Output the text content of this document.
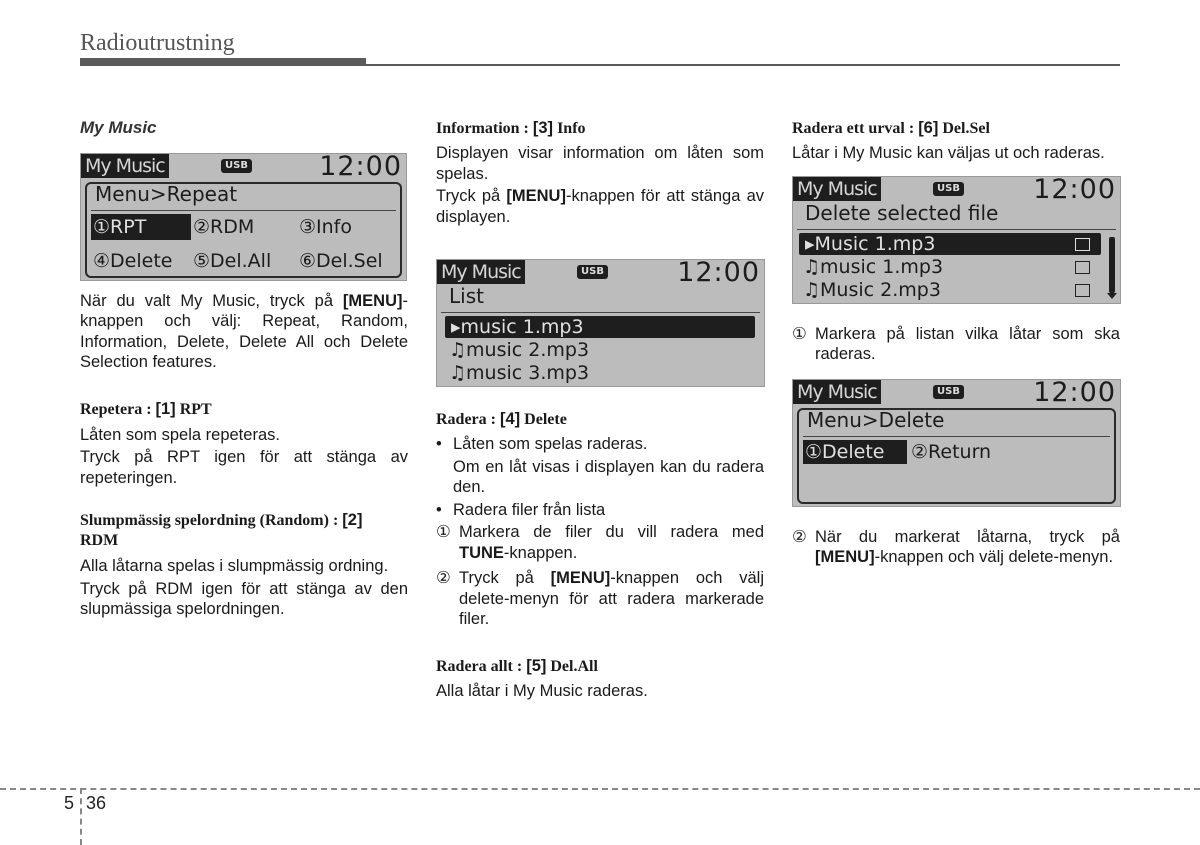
Radioutrustning

My Music

My Music	USB	12:00
Menu>Repeat
①RPT	②RDM ③Info
④Delete ⑤Del.All ⑥Del.Sel

När du valt My Music, tryck på [MENU]-knappen och välj: Repeat, Random, Information, Delete, Delete All och Delete Selection features.

Repetera : [1] RPT

Låten som spela repeteras.

Tryck på RPT igen för att stänga av repeteringen.

Slumpmässig spelordning (Random) : [2]
RDM

Alla låtarna spelas i slumpmässig ordning.

Tryck på RDM igen för att stänga av den slupmässiga spelordningen.

Information : [3] Info

Displayen visar information om låten som spelas.

Tryck på [MENU]-knappen för att stänga av displayen.

My Music	USB	12:00
List
▸music 1.mp3
♫music 2.mp3
♫music 3.mp3

Radera : [4] Delete

• Låten som spelas raderas.

Om en låt visas i displayen kan du radera den.

• Radera filer från lista

① Markera de filer du vill radera med TUNE-knappen.

② Tryck på [MENU]-knappen och välj delete-menyn för att radera markerade filer.

Radera allt : [5] Del.All

Alla låtar i My Music raderas.

Radera ett urval : [6] Del.Sel

Låtar i My Music kan väljas ut och raderas.

My Music	USB	12:00
Delete selected file
▸Music 1.mp3
♫music 1.mp3
♫Music 2.mp3
① Markera på listan vilka låtar som ska raderas.

My Music	USB	12:00
Menu>Delete
①Delete	②Return
② När du markerat låtarna, tryck på [MENU]-knappen och välj delete-menyn.

5 36
